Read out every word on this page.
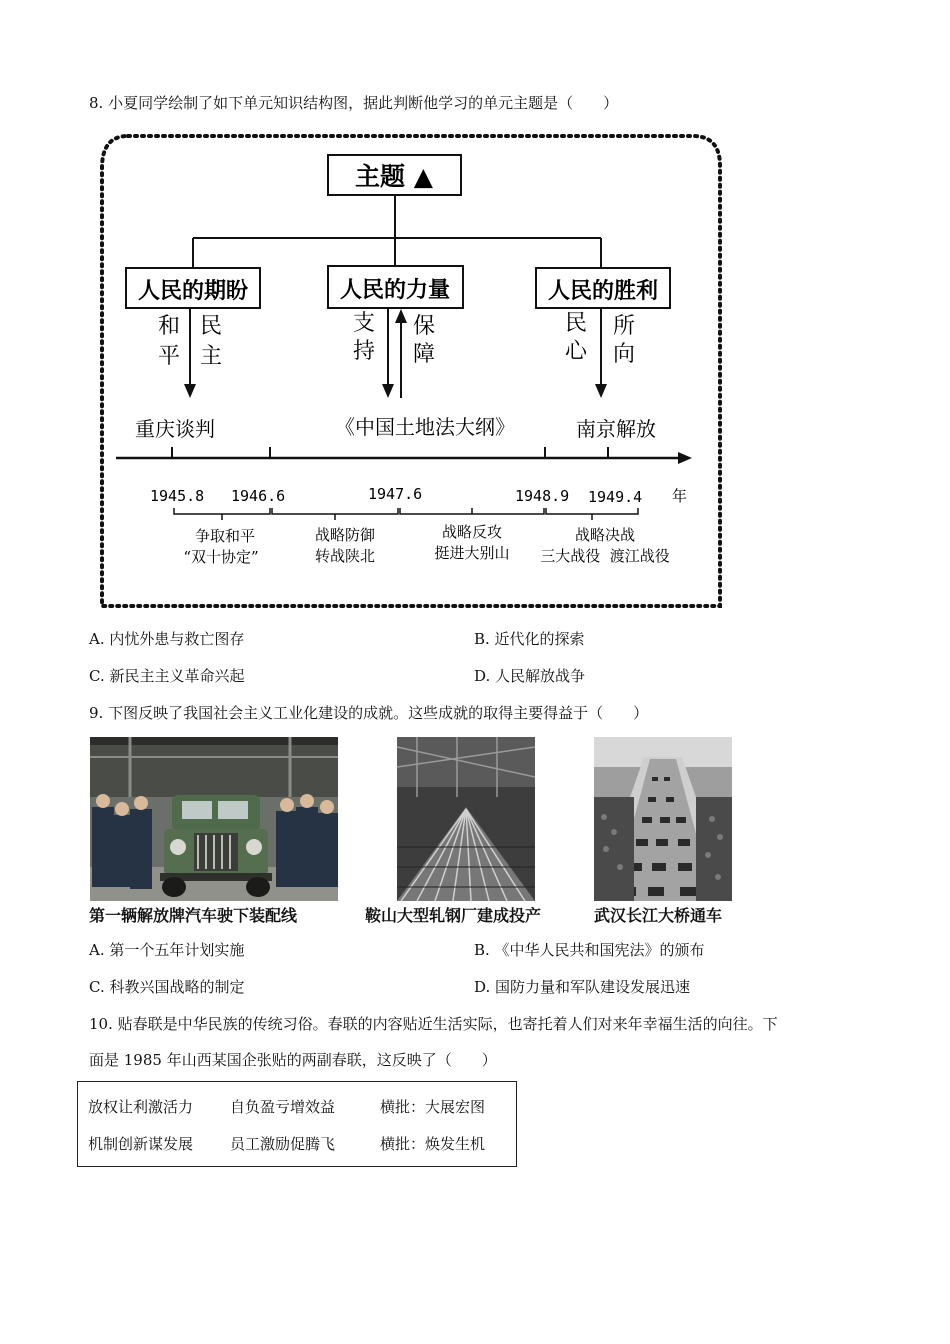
8. 小夏同学绘制了如下单元知识结构图，据此判断他学习的单元主题是（　　）
主题 ▲
人民的期盼	人民的力量	人民的胜利
和平
民主
支持
保障
民心
所向
重庆谈判	《中国土地法大纲》	南京解放
1945.8 1946.6	1947.6	1948.9 1949.4 年
争取和平
“双十协定”
战略防御
转战陕北
战略反攻
挺进大别山
战略决战
三大战役  渡江战役
A. 内忧外患与救亡图存	B. 近代化的探索
C. 新民主主义革命兴起	D. 人民解放战争
9. 下图反映了我国社会主义工业化建设的成就。这些成就的取得主要得益于（　　）
第一辆解放牌汽车驶下装配线	鞍山大型轧钢厂建成投产	武汉长江大桥通车
A. 第一个五年计划实施	B. 《中华人民共和国宪法》的颁布
C. 科教兴国战略的制定	D. 国防力量和军队建设发展迅速
10. 贴春联是中华民族的传统习俗。春联的内容贴近生活实际，也寄托着人们对来年幸福生活的向往。下
面是 1985 年山西某国企张贴的两副春联，这反映了（　　）
放权让利激活力 自负盈亏增效益	横批：大展宏图
机制创新谋发展 员工激励促腾飞	横批：焕发生机
